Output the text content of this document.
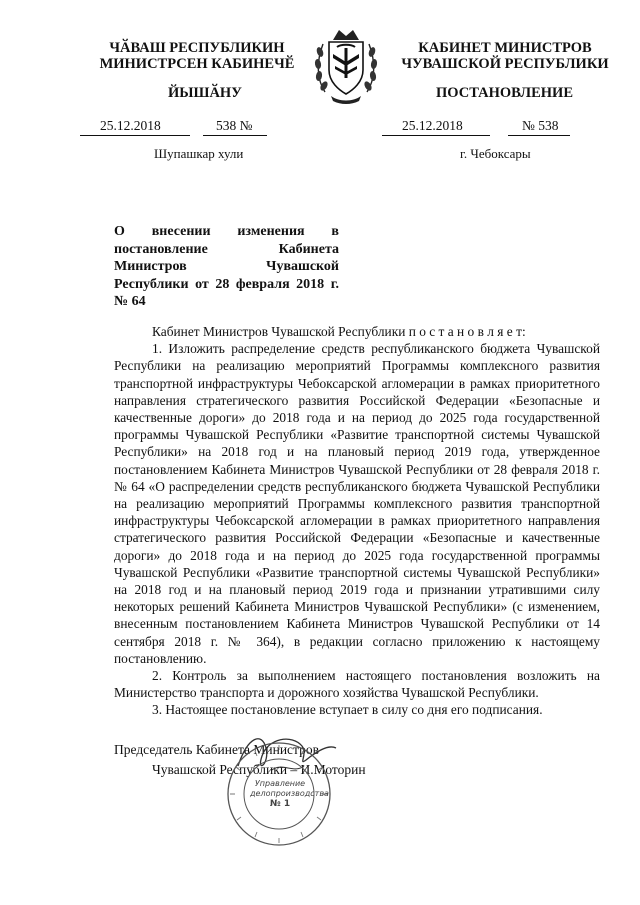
ЧӐВАШ РЕСПУБЛИКИН
МИНИСТРСЕН КАБИНЕЧӖ
ЙЫШӐНУ
КАБИНЕТ МИНИСТРОВ
ЧУВАШСКОЙ РЕСПУБЛИКИ
ПОСТАНОВЛЕНИЕ
25.12.2018	538 №
Шупашкар хули
25.12.2018	№ 538
г. Чебоксары
О внесении изменения в постановление Кабинета Министров Чувашской Республики от 28 февраля 2018 г. № 64

Кабинет Министров Чувашской Республики п о с т а н о в л я е т:

1. Изложить распределение средств республиканского бюджета Чувашской Республики на реализацию мероприятий Программы комплексного развития транспортной инфраструктуры Чебоксарской агломерации в рамках приоритетного направления стратегического развития Российской Федерации «Безопасные и качественные дороги» до 2018 года и на период до 2025 года государственной программы Чувашской Республики «Развитие транспортной системы Чувашской Республики» на 2018 год и на плановый период 2019 года, утвержденное постановлением Кабинета Министров Чувашской Республики от 28 февраля 2018 г. № 64 «О распределении средств республиканского бюджета Чувашской Республики на реализацию мероприятий Программы комплексного развития транспортной инфраструктуры Чебоксарской агломерации в рамках приоритетного направления стратегического развития Российской Федерации «Безопасные и качественные дороги» до 2018 года и на период до 2025 года государственной программы Чувашской Республики «Развитие транспортной системы Чувашской Республики» на 2018 год и на плановый период 2019 года и признании утратившими силу некоторых решений Кабинета Министров Чувашской Республики» (с изменением, внесенным постановлением Кабинета Министров Чувашской Республики от 14 сентября 2018 г. № 364), в редакции согласно приложению к настоящему постановлению.

2. Контроль за выполнением настоящего постановления возложить на Министерство транспорта и дорожного хозяйства Чувашской Республики.

3. Настоящее постановление вступает в силу со дня его подписания.

Председатель Кабинета Министров
Чувашской Республики – И.Моторин
Управление
делопроизводства
№ 1
